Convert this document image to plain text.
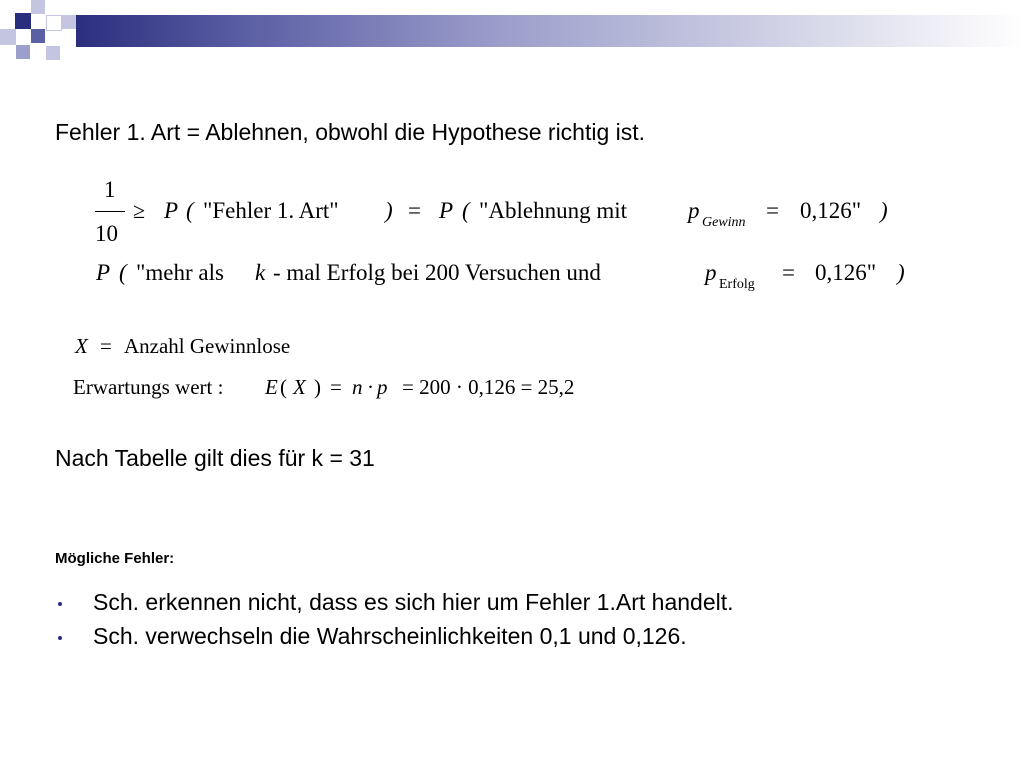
Fehler 1. Art = Ablehnen, obwohl die Hypothese richtig ist.
1
10
≥ P ( "Fehler 1. Art" ) = P ( "Ablehnung mit	p Gewinn = 0,126" )
P ( "mehr als k - mal Erfolg bei 200 Versuchen und	p Erfolg = 0,126" )
X = Anzahl Gewinnlose
Erwartungs wert : E ( X ) = n · p = 200 · 0,126 = 25,2
Nach Tabelle gilt dies für k = 31
Mögliche Fehler:
Sch. erkennen nicht, dass es sich hier um Fehler 1.Art handelt.
Sch. verwechseln die Wahrscheinlichkeiten 0,1 und 0,126.
